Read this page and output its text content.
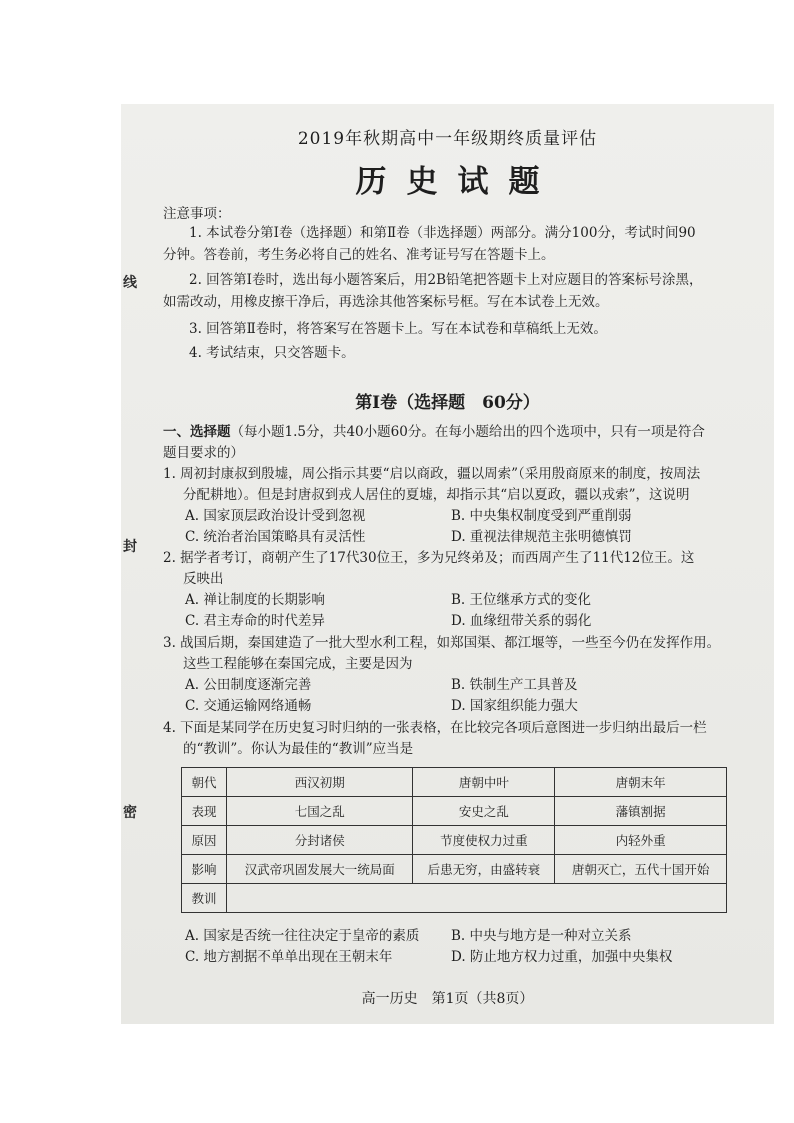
线
封
密
2019年秋期高中一年级期终质量评估
历史试题
注意事项：
1. 本试卷分第Ⅰ卷（选择题）和第Ⅱ卷（非选择题）两部分。满分100分，考试时间90
分钟。答卷前，考生务必将自己的姓名、准考证号写在答题卡上。
2. 回答第Ⅰ卷时，选出每小题答案后，用2B铅笔把答题卡上对应题目的答案标号涂黑，
如需改动，用橡皮擦干净后，再选涂其他答案标号框。写在本试卷上无效。
3. 回答第Ⅱ卷时，将答案写在答题卡上。写在本试卷和草稿纸上无效。
4. 考试结束，只交答题卡。
第Ⅰ卷（选择题　60分）
一、选择题（每小题1.5分，共40小题60分。在每小题给出的四个选项中，只有一项是符合
题目要求的）
1. 周初封康叔到殷墟，周公指示其要“启以商政，疆以周索”（采用殷商原来的制度，按周法
分配耕地）。但是封唐叔到戎人居住的夏墟，却指示其“启以夏政，疆以戎索”，这说明
A. 国家顶层政治设计受到忽视	B. 中央集权制度受到严重削弱
C. 统治者治国策略具有灵活性	D. 重视法律规范主张明德慎罚
2. 据学者考订，商朝产生了17代30位王，多为兄终弟及；而西周产生了11代12位王。这
反映出
A. 禅让制度的长期影响	B. 王位继承方式的变化
C. 君主寿命的时代差异	D. 血缘纽带关系的弱化
3. 战国后期，秦国建造了一批大型水利工程，如郑国渠、都江堰等，一些至今仍在发挥作用。
这些工程能够在秦国完成，主要是因为
A. 公田制度逐渐完善	B. 铁制生产工具普及
C. 交通运输网络通畅	D. 国家组织能力强大
4. 下面是某同学在历史复习时归纳的一张表格，在比较完各项后意图进一步归纳出最后一栏
的“教训”。你认为最佳的“教训”应当是
朝代	西汉初期	唐朝中叶	唐朝末年
表现	七国之乱	安史之乱	藩镇割据
原因	分封诸侯	节度使权力过重	内轻外重
影响	汉武帝巩固发展大一统局面	后患无穷，由盛转衰	唐朝灭亡，五代十国开始
教训			
A. 国家是否统一往往决定于皇帝的素质 B. 中央与地方是一种对立关系
C. 地方割据不单单出现在王朝末年	D. 防止地方权力过重，加强中央集权
高一历史　第1页（共8页）
